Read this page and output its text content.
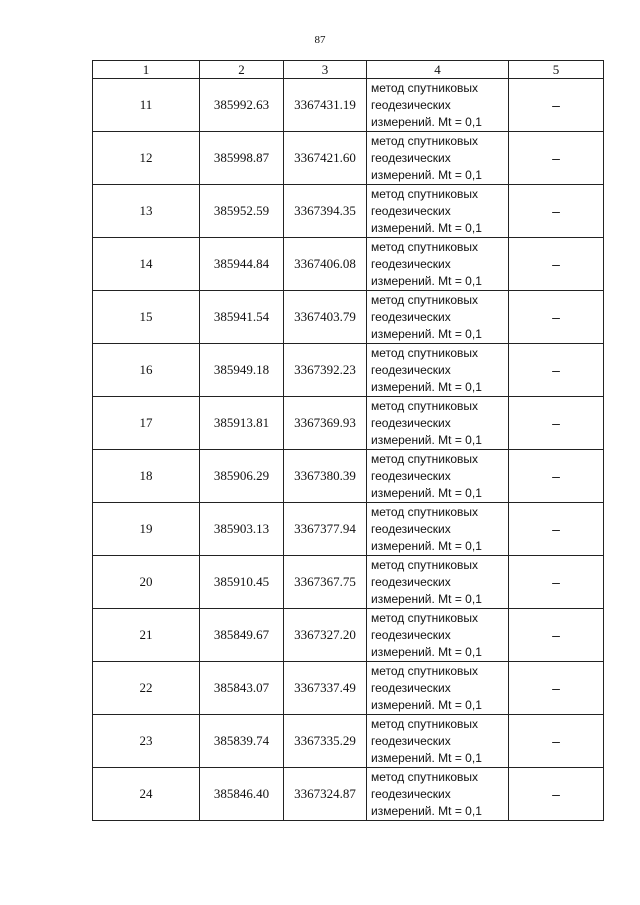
87
1	2	3	4	5
11	385992.63	3367431.19	метод спутниковых
геодезических
измерений. Mt = 0,1	–
12	385998.87	3367421.60	метод спутниковых
геодезических
измерений. Mt = 0,1	–
13	385952.59	3367394.35	метод спутниковых
геодезических
измерений. Mt = 0,1	–
14	385944.84	3367406.08	метод спутниковых
геодезических
измерений. Mt = 0,1	–
15	385941.54	3367403.79	метод спутниковых
геодезических
измерений. Mt = 0,1	–
16	385949.18	3367392.23	метод спутниковых
геодезических
измерений. Mt = 0,1	–
17	385913.81	3367369.93	метод спутниковых
геодезических
измерений. Mt = 0,1	–
18	385906.29	3367380.39	метод спутниковых
геодезических
измерений. Mt = 0,1	–
19	385903.13	3367377.94	метод спутниковых
геодезических
измерений. Mt = 0,1	–
20	385910.45	3367367.75	метод спутниковых
геодезических
измерений. Mt = 0,1	–
21	385849.67	3367327.20	метод спутниковых
геодезических
измерений. Mt = 0,1	–
22	385843.07	3367337.49	метод спутниковых
геодезических
измерений. Mt = 0,1	–
23	385839.74	3367335.29	метод спутниковых
геодезических
измерений. Mt = 0,1	–
24	385846.40	3367324.87	метод спутниковых
геодезических
измерений. Mt = 0,1	–
